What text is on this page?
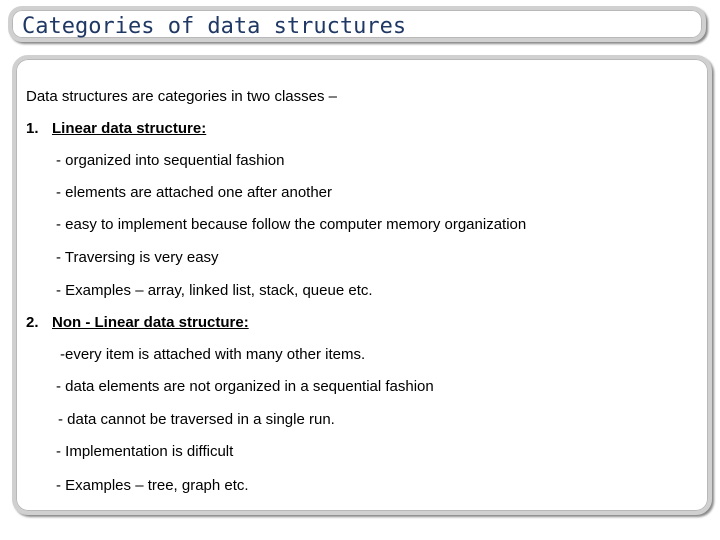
Categories of data structures
Data structures are categories in two classes –
1. Linear data structure:
- organized into sequential fashion
- elements are attached one after another
- easy to implement because follow the computer memory organization
- Traversing is very easy
- Examples – array, linked list, stack, queue etc.
2. Non - Linear data structure:
-every item is attached with many other items.
- data elements are not organized in a sequential fashion
- data cannot be traversed in a single run.
- Implementation is difficult
- Examples – tree, graph etc.
